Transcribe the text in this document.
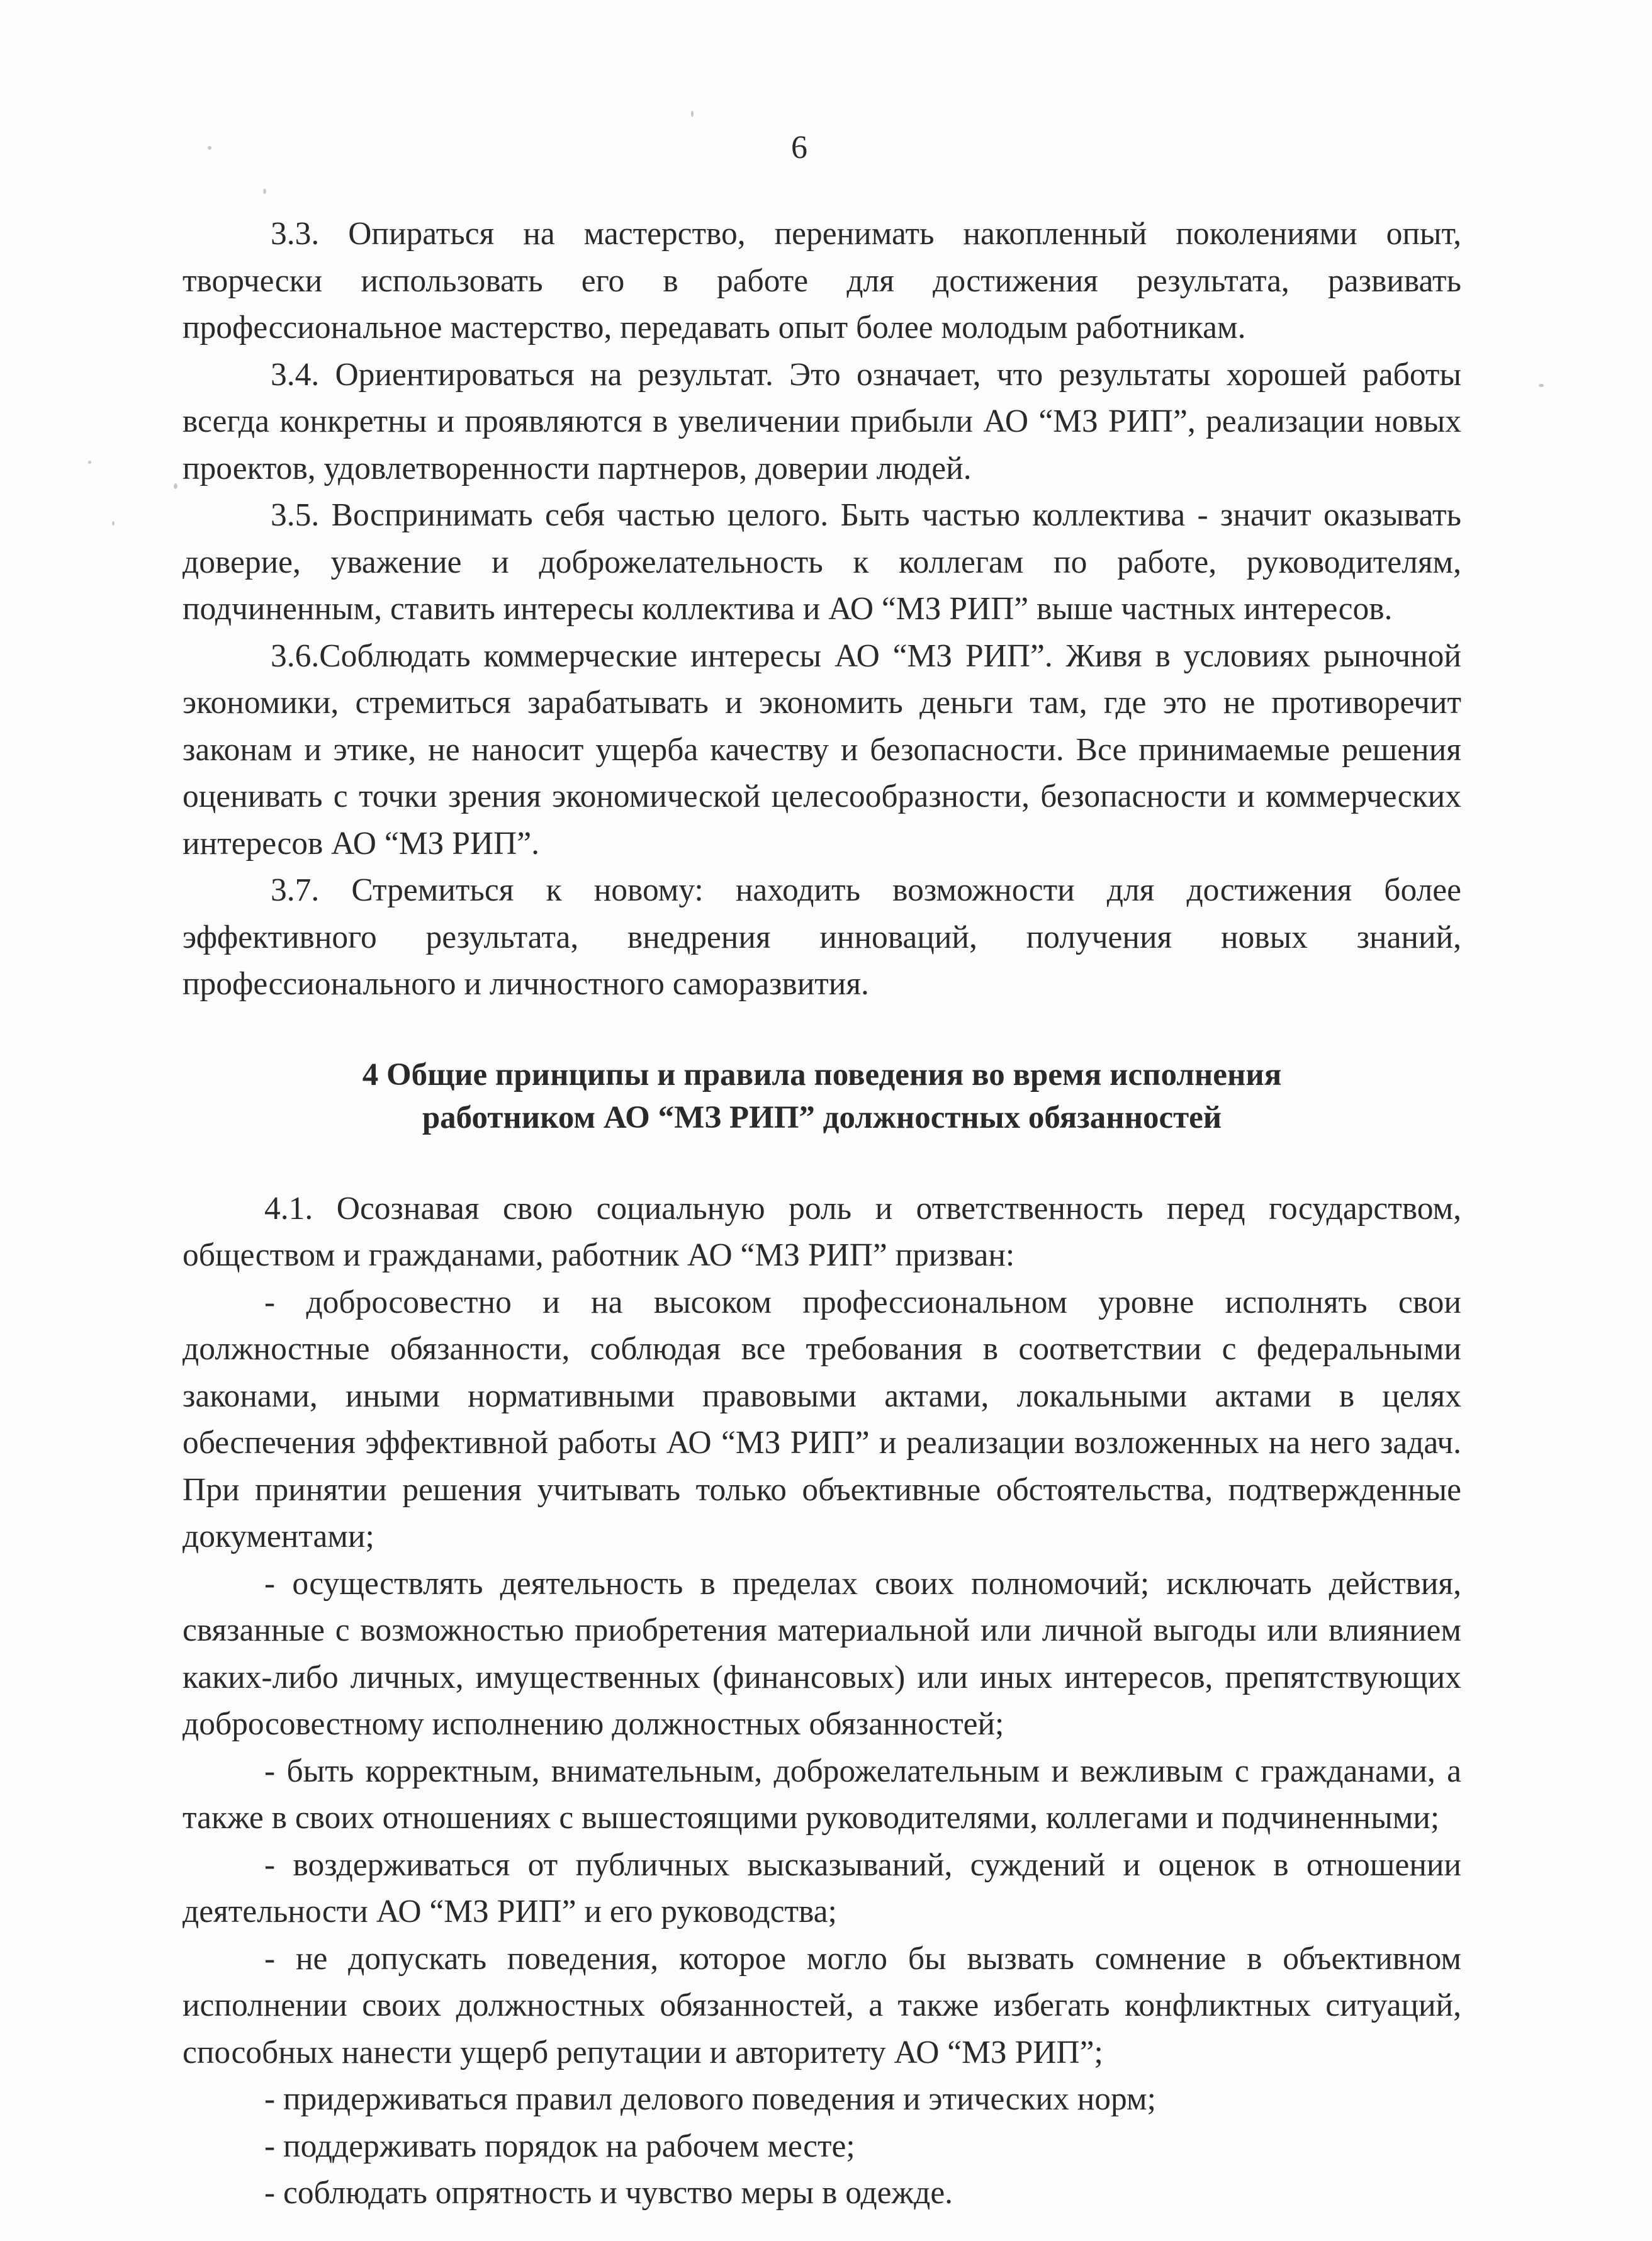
6

3.3. Опираться на мастерство, перенимать накопленный поколениями опыт, творчески использовать его в работе для достижения результата, развивать профессиональное мастерство, передавать опыт более молодым работникам.

3.4. Ориентироваться на результат. Это означает, что результаты хорошей работы всегда конкретны и проявляются в увеличении прибыли АО “МЗ РИП”, реализации новых проектов, удовлетворенности партнеров, доверии людей.

3.5. Воспринимать себя частью целого. Быть частью коллектива - значит оказывать доверие, уважение и доброжелательность к коллегам по работе, руководителям, подчиненным, ставить интересы коллектива и АО “МЗ РИП” выше частных интересов.

3.6.Соблюдать коммерческие интересы АО “МЗ РИП”. Живя в условиях рыночной экономики, стремиться зарабатывать и экономить деньги там, где это не противоречит законам и этике, не наносит ущерба качеству и безопасности. Все принимаемые решения оценивать с точки зрения экономической целесообразности, безопасности и коммерческих интересов АО “МЗ РИП”.

3.7. Стремиться к новому: находить возможности для достижения более эффективного результата, внедрения инноваций, получения новых знаний, профессионального и личностного саморазвития.

4 Общие принципы и правила поведения во время исполнения
работником АО “МЗ РИП” должностных обязанностей

4.1. Осознавая свою социальную роль и ответственность перед государством, обществом и гражданами, работник АО “МЗ РИП” призван:

- добросовестно и на высоком профессиональном уровне исполнять свои должностные обязанности, соблюдая все требования в соответствии с федеральными законами, иными нормативными правовыми актами, локальными актами в целях обеспечения эффективной работы АО “МЗ РИП” и реализации возложенных на него задач. При принятии решения учитывать только объективные обстоятельства, подтвержденные документами;

- осуществлять деятельность в пределах своих полномочий; исключать действия, связанные с возможностью приобретения материальной или личной выгоды или влиянием каких-либо личных, имущественных (финансовых) или иных интересов, препятствующих добросовестному исполнению должностных обязанностей;

- быть корректным, внимательным, доброжелательным и вежливым с гражданами, а также в своих отношениях с вышестоящими руководителями, коллегами и подчиненными;

- воздерживаться от публичных высказываний, суждений и оценок в отношении деятельности АО “МЗ РИП” и его руководства;

- не допускать поведения, которое могло бы вызвать сомнение в объективном исполнении своих должностных обязанностей, а также избегать конфликтных ситуаций, способных нанести ущерб репутации и авторитету АО “МЗ РИП”;

- придерживаться правил делового поведения и этических норм;

- поддерживать порядок на рабочем месте;

- соблюдать опрятность и чувство меры в одежде.
